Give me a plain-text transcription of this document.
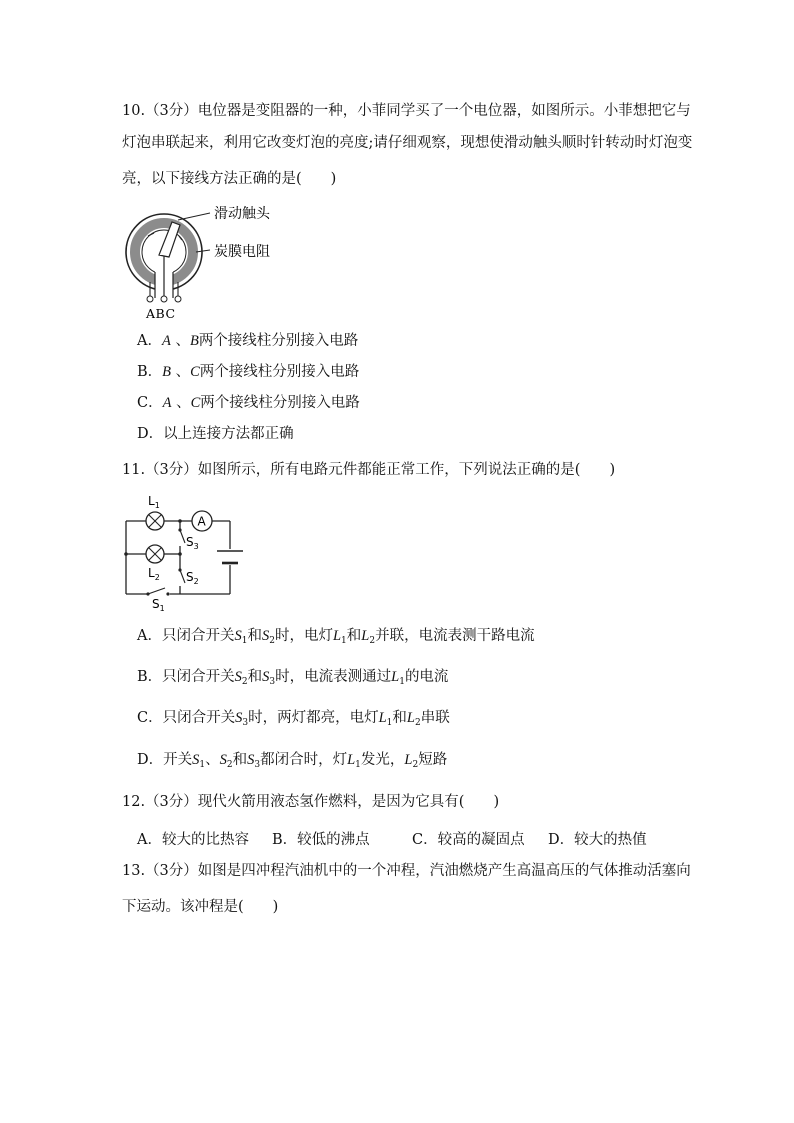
10.（3分）电位器是变阻器的一种，小菲同学买了一个电位器，如图所示。小菲想把它与
灯泡串联起来，利用它改变灯泡的亮度;请仔细观察，现想使滑动触头顺时针转动时灯泡变
亮，以下接线方法正确的是(　　)
滑动触头
炭膜电阻
ABC
A．A 、B两个接线柱分别接入电路
B．B 、C两个接线柱分别接入电路
C．A 、C两个接线柱分别接入电路
D．以上连接方法都正确
11.（3分）如图所示，所有电路元件都能正常工作，下列说法正确的是(　　)
A
$L_1$
$L_2$
$S_3$
$S_2$
$S_1$
A．只闭合开关$S_1$和$S_2$时，电灯$L_1$和$L_2$并联，电流表测干路电流
B．只闭合开关$S_2$和$S_3$时，电流表测通过$L_1$的电流
C．只闭合开关$S_3$时，两灯都亮，电灯$L_1$和$L_2$串联
D．开关$S_1$、$S_2$和$S_3$都闭合时，灯$L_1$发光，$L_2$短路
12.（3分）现代火箭用液态氢作燃料，是因为它具有(　　)
A．较大的比热容 B．较低的沸点	C．较高的凝固点 D．较大的热值
13.（3分）如图是四冲程汽油机中的一个冲程，汽油燃烧产生高温高压的气体推动活塞向
下运动。该冲程是(　　)
